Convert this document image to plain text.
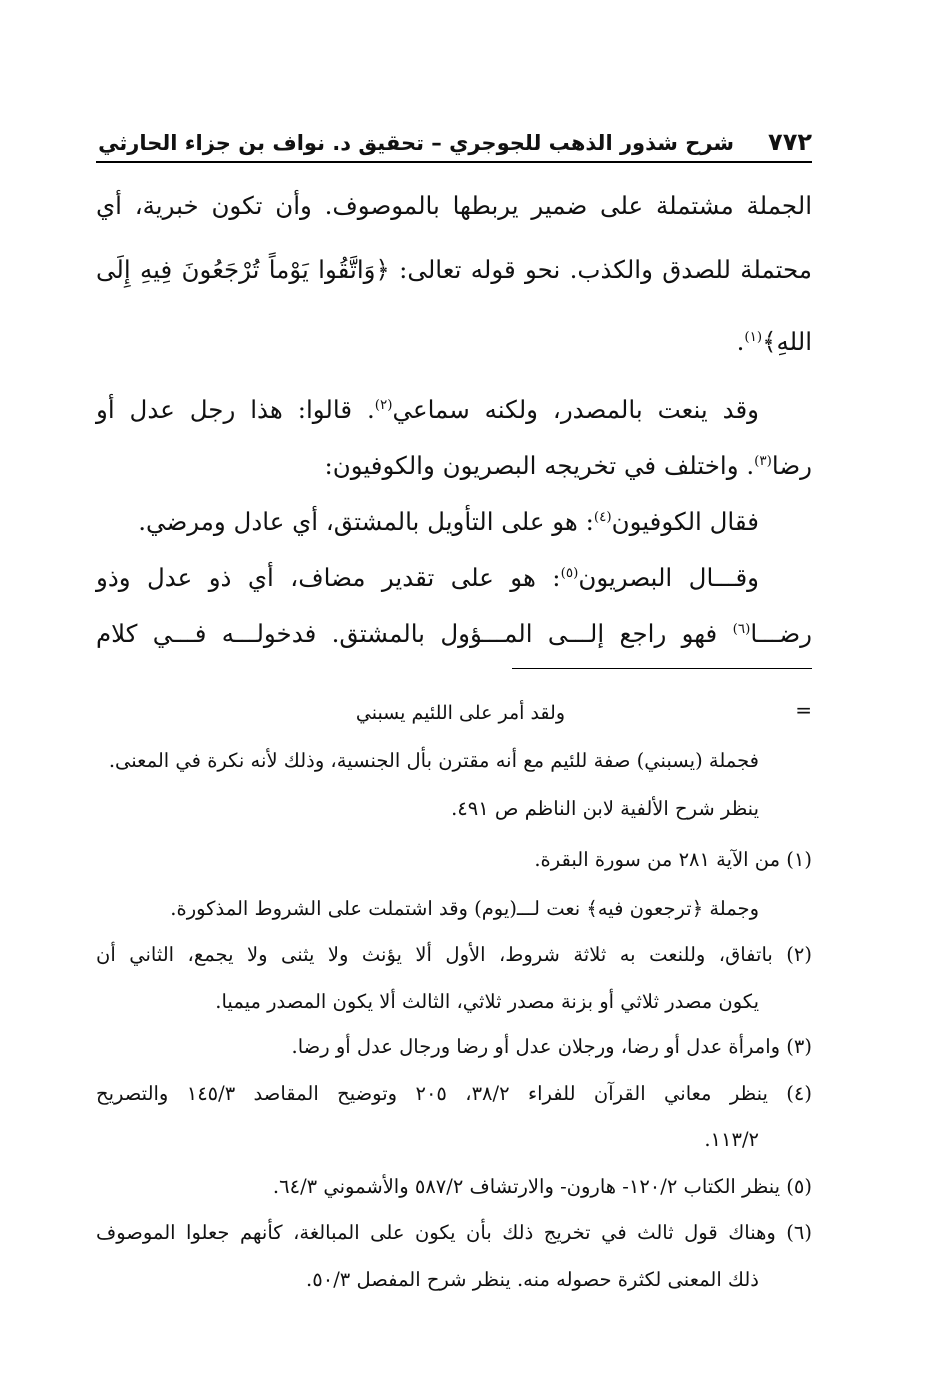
٧٧٢
شرح شذور الذهب للجوجري – تحقيق د. نواف بن جزاء الحارثي
الجملة مشتملة على ضمير يربطها بالموصوف. وأن تكون خبرية، أي
محتملة للصدق والكذب. نحو قوله تعالى: ﴿وَاتَّقُوا يَوْماً تُرْجَعُونَ فِيهِ إِلَى
اللهِ﴾$^{(١)}$.
وقد ينعت بالمصدر، ولكنه سماعي$^{(٢)}$. قالوا: هذا رجل عدل أو
رضا$^{(٣)}$. واختلف في تخريجه البصريون والكوفيون:
فقال الكوفيون$^{(٤)}$: هو على التأويل بالمشتق، أي عادل ومرضي.
وقـــال البصريون$^{(٥)}$: هو على تقدير مضاف، أي ذو عدل وذو
رضـــا$^{(٦)}$ فهو راجع إلـــى المـــؤول بالمشتق. فدخولـــه فـــي كلام
=
ولقد أمر على اللئيم يسبني
فجملة (يسبني) صفة للئيم مع أنه مقترن بأل الجنسية، وذلك لأنه نكرة في المعنى.
ينظر شرح الألفية لابن الناظم ص ٤٩١.
(١) من الآية ٢٨١ من سورة البقرة.
وجملة ﴿ترجعون فيه﴾ نعت لـــ(يوم) وقد اشتملت على الشروط المذكورة.
(٢) باتفاق، وللنعت به ثلاثة شروط، الأول ألا يؤنث ولا يثنى ولا يجمع، الثاني أن
يكون مصدر ثلاثي أو بزنة مصدر ثلاثي، الثالث ألا يكون المصدر ميميا.
(٣) وامرأة عدل أو رضا، ورجلان عدل أو رضا ورجال عدل أو رضا.
(٤) ينظر معاني القرآن للفراء ٣٨/٢، ٢٠٥ وتوضيح المقاصد ١٤٥/٣ والتصريح
١١٣/٢.
(٥) ينظر الكتاب ١٢٠/٢- هارون- والارتشاف ٥٨٧/٢ والأشموني ٦٤/٣.
(٦) وهناك قول ثالث في تخريج ذلك بأن يكون على المبالغة، كأنهم جعلوا الموصوف
ذلك المعنى لكثرة حصوله منه. ينظر شرح المفصل ٥٠/٣.
